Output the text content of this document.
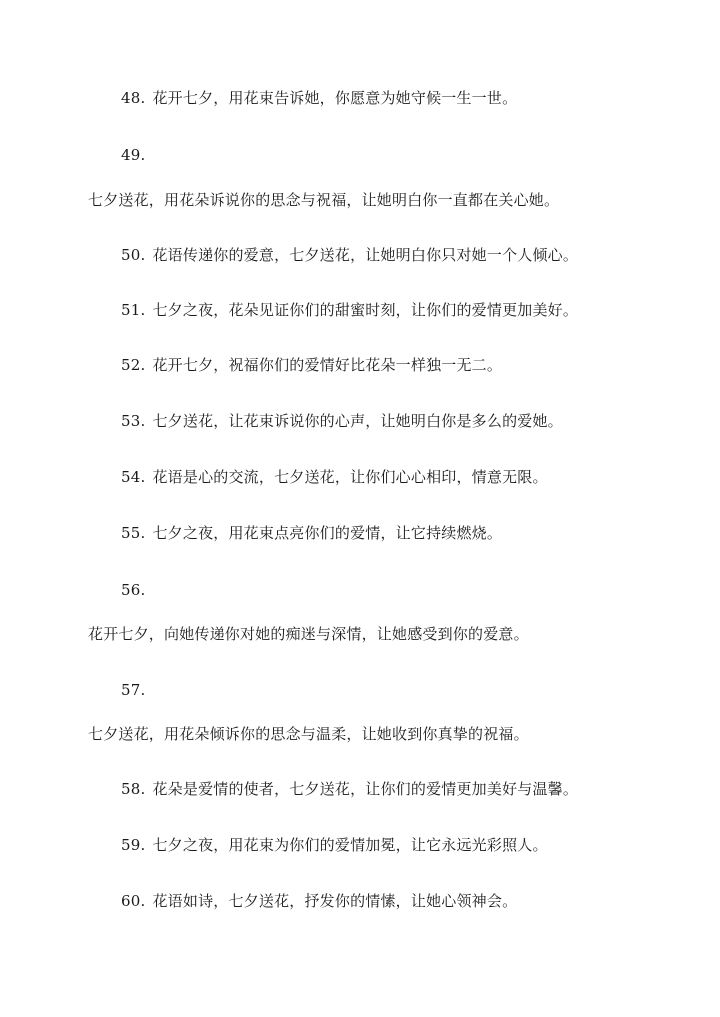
48. 花开七夕，用花束告诉她，你愿意为她守候一生一世。
49.
七夕送花，用花朵诉说你的思念与祝福，让她明白你一直都在关心她。
50. 花语传递你的爱意，七夕送花，让她明白你只对她一个人倾心。
51. 七夕之夜，花朵见证你们的甜蜜时刻，让你们的爱情更加美好。
52. 花开七夕，祝福你们的爱情好比花朵一样独一无二。
53. 七夕送花，让花束诉说你的心声，让她明白你是多么的爱她。
54. 花语是心的交流，七夕送花，让你们心心相印，情意无限。
55. 七夕之夜，用花束点亮你们的爱情，让它持续燃烧。
56.
花开七夕，向她传递你对她的痴迷与深情，让她感受到你的爱意。
57.
七夕送花，用花朵倾诉你的思念与温柔，让她收到你真挚的祝福。
58. 花朵是爱情的使者，七夕送花，让你们的爱情更加美好与温馨。
59. 七夕之夜，用花束为你们的爱情加冕，让它永远光彩照人。
60. 花语如诗，七夕送花，抒发你的情愫，让她心领神会。
